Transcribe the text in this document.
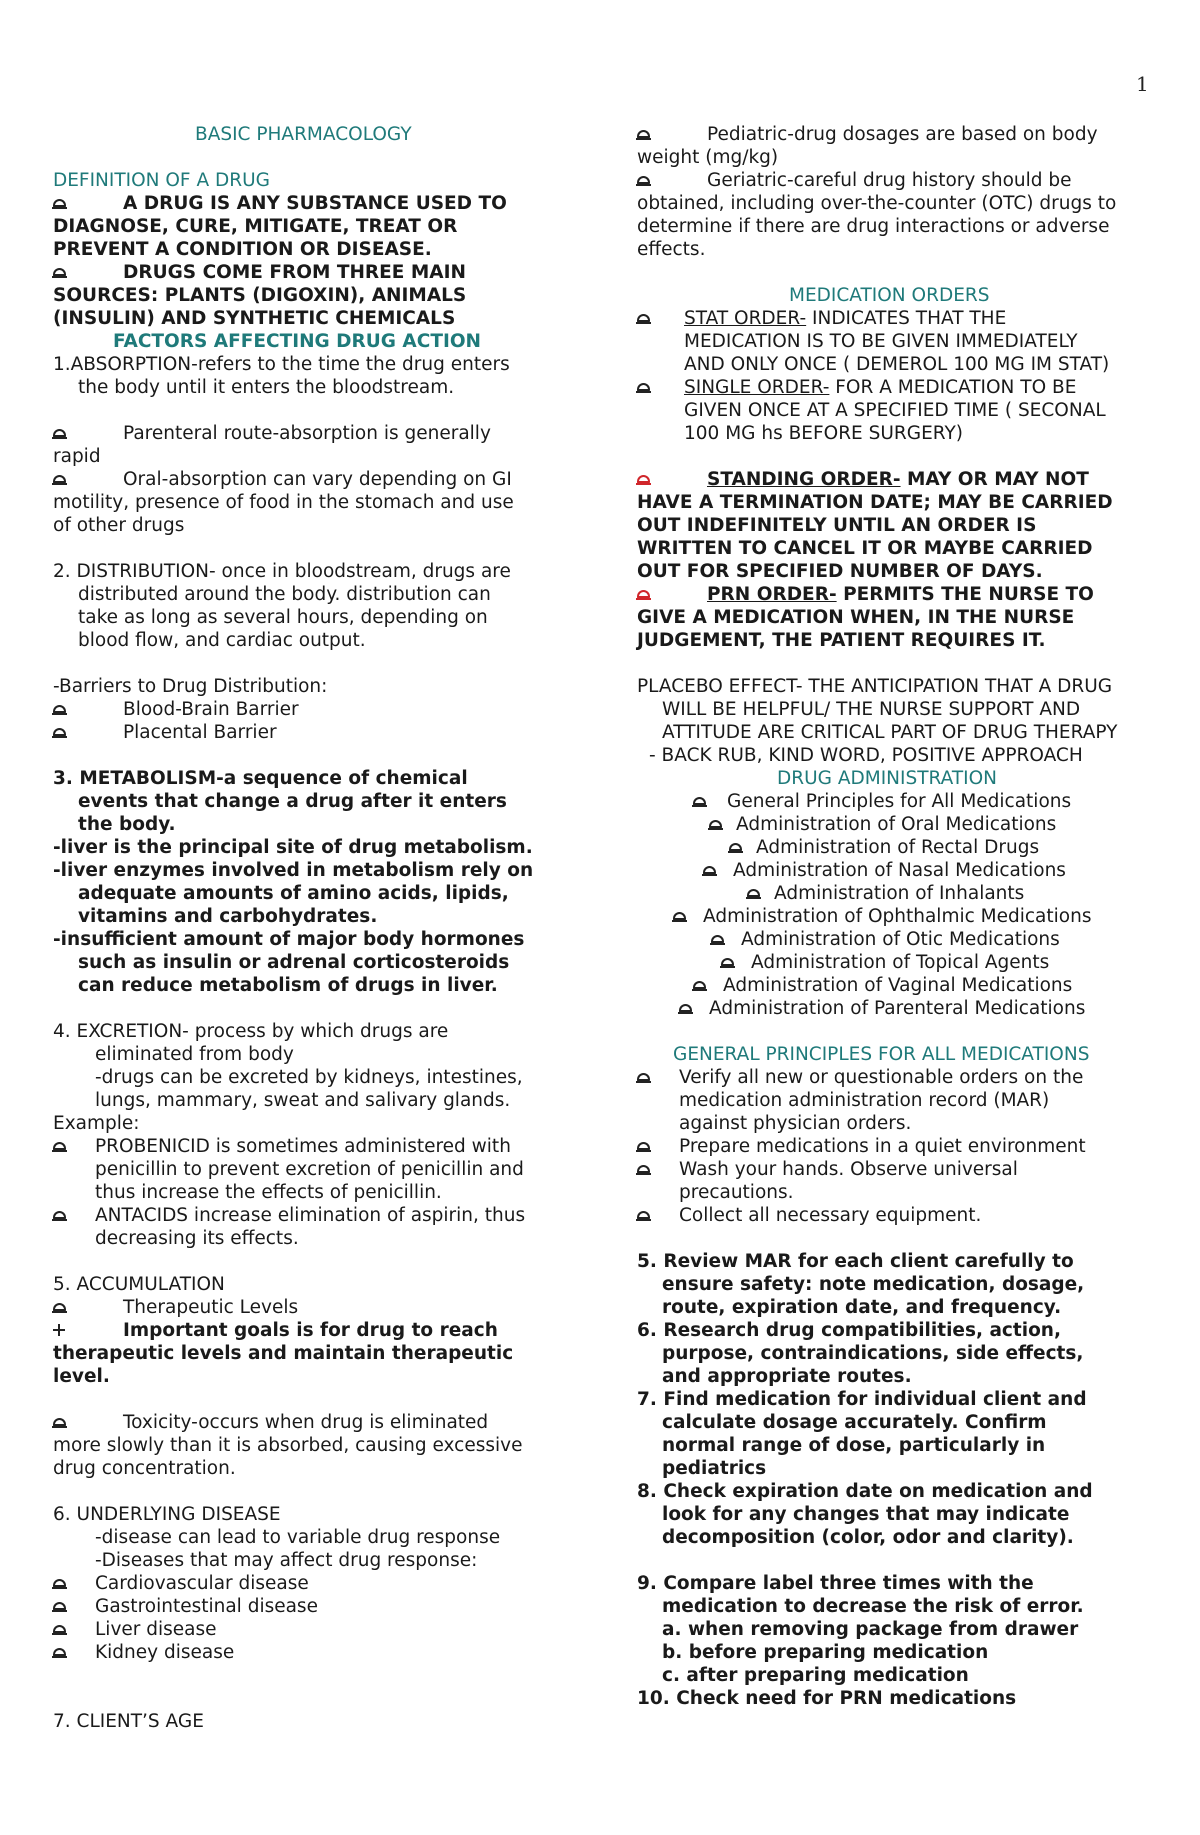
1

BASIC PHARMACOLOGY

DEFINITION OF A DRUG

A DRUG IS ANY SUBSTANCE USED TO

DIAGNOSE, CURE, MITIGATE, TREAT OR

PREVENT A CONDITION OR DISEASE.

DRUGS COME FROM THREE MAIN

SOURCES: PLANTS (DIGOXIN), ANIMALS

(INSULIN) AND SYNTHETIC CHEMICALS

FACTORS AFFECTING DRUG ACTION

1.ABSORPTION-refers to the time the drug enters

the body until it enters the bloodstream.

Parenteral route-absorption is generally

rapid

Oral-absorption can vary depending on GI

motility, presence of food in the stomach and use

of other drugs

2. DISTRIBUTION- once in bloodstream, drugs are

distributed around the body. distribution can

take as long as several hours, depending on

blood flow, and cardiac output.

-Barriers to Drug Distribution:

Blood-Brain Barrier

Placental Barrier

3. METABOLISM-a sequence of chemical

events that change a drug after it enters

the body.

-liver is the principal site of drug metabolism.

-liver enzymes involved in metabolism rely on

adequate amounts of amino acids, lipids,

vitamins and carbohydrates.

-insufficient amount of major body hormones

such as insulin or adrenal corticosteroids

can reduce metabolism of drugs in liver.

4. EXCRETION- process by which drugs are

eliminated from body

-drugs can be excreted by kidneys, intestines,

lungs, mammary, sweat and salivary glands.

Example:

PROBENICID is sometimes administered with

penicillin to prevent excretion of penicillin and

thus increase the effects of penicillin.

ANTACIDS increase elimination of aspirin, thus

decreasing its effects.

5. ACCUMULATION

Therapeutic Levels

Important goals is for drug to reach

therapeutic levels and maintain therapeutic

level.

Toxicity-occurs when drug is eliminated

more slowly than it is absorbed, causing excessive

drug concentration.

6. UNDERLYING DISEASE

-disease can lead to variable drug response

-Diseases that may affect drug response:

Cardiovascular disease

Gastrointestinal disease

Liver disease

Kidney disease

7. CLIENT’S AGE

Pediatric-drug dosages are based on body

weight (mg/kg)

Geriatric-careful drug history should be

obtained, including over-the-counter (OTC) drugs to

determine if there are drug interactions or adverse

effects.

MEDICATION ORDERS

STAT ORDER- INDICATES THAT THE

MEDICATION IS TO BE GIVEN IMMEDIATELY

AND ONLY ONCE ( DEMEROL 100 MG IM STAT)

SINGLE ORDER- FOR A MEDICATION TO BE

GIVEN ONCE AT A SPECIFIED TIME ( SECONAL

100 MG hs BEFORE SURGERY)

STANDING ORDER- MAY OR MAY NOT

HAVE A TERMINATION DATE; MAY BE CARRIED

OUT INDEFINITELY UNTIL AN ORDER IS

WRITTEN TO CANCEL IT OR MAYBE CARRIED

OUT FOR SPECIFIED NUMBER OF DAYS.

PRN ORDER- PERMITS THE NURSE TO

GIVE A MEDICATION WHEN, IN THE NURSE

JUDGEMENT, THE PATIENT REQUIRES IT.

PLACEBO EFFECT- THE ANTICIPATION THAT A DRUG

WILL BE HELPFUL/ THE NURSE SUPPORT AND

ATTITUDE ARE CRITICAL PART OF DRUG THERAPY

- BACK RUB, KIND WORD, POSITIVE APPROACH

DRUG ADMINISTRATION

General Principles for All Medications

Administration of Oral Medications

Administration of Rectal Drugs

Administration of Nasal Medications

Administration of Inhalants

Administration of Ophthalmic Medications

Administration of Otic Medications

Administration of Topical Agents

Administration of Vaginal Medications

Administration of Parenteral Medications

GENERAL PRINCIPLES FOR ALL MEDICATIONS

Verify all new or questionable orders on the

medication administration record (MAR)

against physician orders.

Prepare medications in a quiet environment

Wash your hands. Observe universal

precautions.

Collect all necessary equipment.

5. Review MAR for each client carefully to

ensure safety: note medication, dosage,

route, expiration date, and frequency.

6. Research drug compatibilities, action,

purpose, contraindications, side effects,

and appropriate routes.

7. Find medication for individual client and

calculate dosage accurately. Confirm

normal range of dose, particularly in

pediatrics

8. Check expiration date on medication and

look for any changes that may indicate

decomposition (color, odor and clarity).

9. Compare label three times with the

medication to decrease the risk of error.

a. when removing package from drawer

b. before preparing medication

c. after preparing medication

10. Check need for PRN medications
